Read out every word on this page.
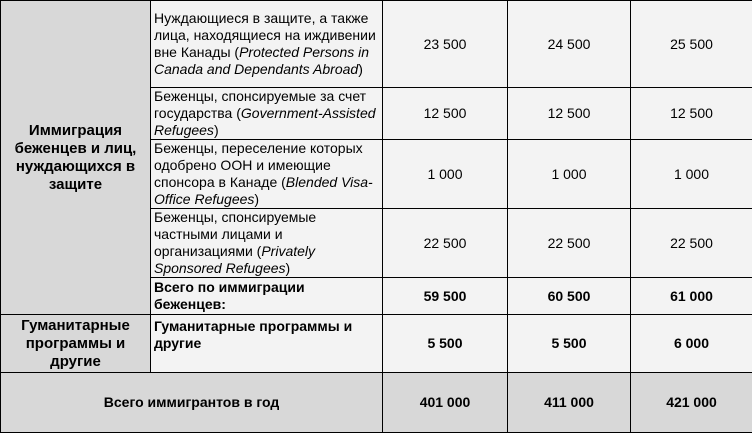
Иммиграция беженцев и лиц, нуждающихся в защите	Нуждающиеся в защите, а также лица, находящиеся на иждивении вне Канады (Protected Persons in Canada and Dependants Abroad)	23 500	24 500	25 500
	Беженцы, спонсируемые за счет государства (Government-Assisted Refugees)	12 500	12 500	12 500
	Беженцы, переселение которых одобрено ООН и имеющие спонсора в Канаде (Blended Visa-Office Refugees)	1 000	1 000	1 000
	Беженцы, спонсируемые частными лицами и организациями (Privately Sponsored Refugees)	22 500	22 500	22 500
	Всего по иммиграции беженцев:	59 500	60 500	61 000
Гуманитарные программы и другие	Гуманитарные программы и другие	5 500	5 500	6 000
Всего иммигрантов в год		401 000	411 000	421 000
